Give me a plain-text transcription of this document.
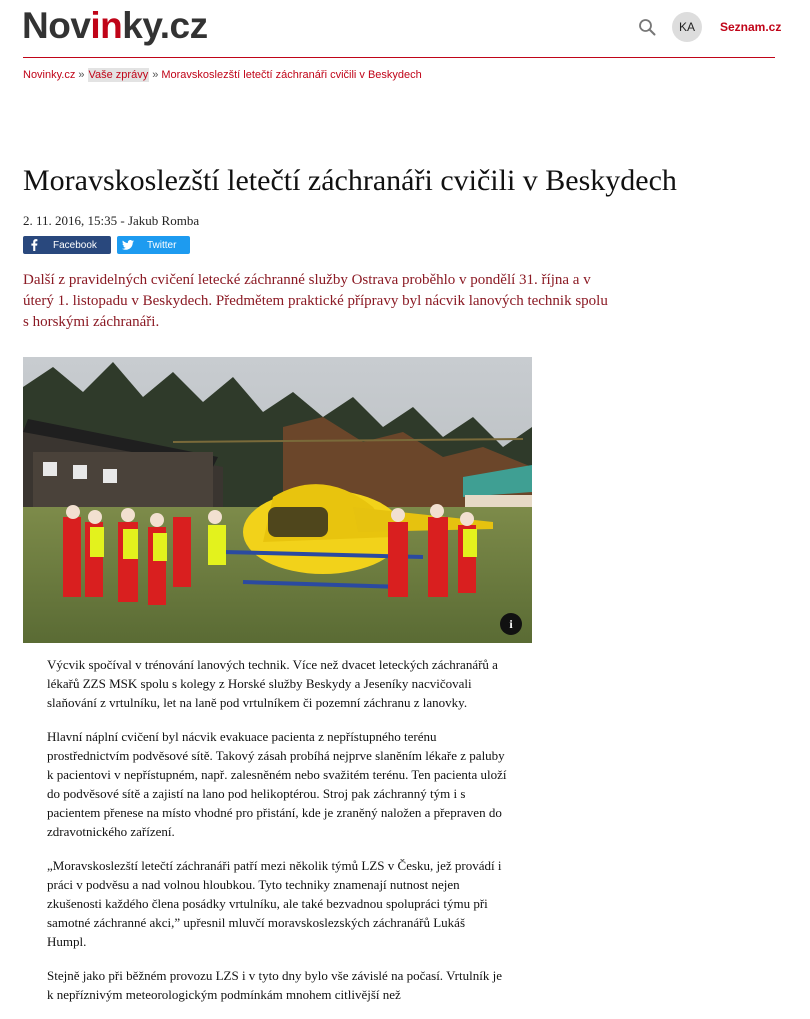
Novinky.cz	KA	Seznam.cz
Novinky.cz » Vaše zprávy » Moravskoslezští letečtí záchranáři cvičili v Beskydech
Moravskoslezští letečtí záchranáři cvičili v Beskydech
2. 11. 2016, 15:35 - Jakub Romba
Facebook	Twitter

Další z pravidelných cvičení letecké záchranné služby Ostrava proběhlo v pondělí 31. října a v úterý 1. listopadu v Beskydech. Předmětem praktické přípravy byl nácvik lanových technik spolu s horskými záchranáři.

i

Výcvik spočíval v trénování lanových technik. Více než dvacet leteckých záchranářů a lékařů ZZS MSK spolu s kolegy z Horské služby Beskydy a Jeseníky nacvičovali slaňování z vrtulníku, let na laně pod vrtulníkem či pozemní záchranu z lanovky.

Hlavní náplní cvičení byl nácvik evakuace pacienta z nepřístupného terénu prostřednictvím podvěsové sítě. Takový zásah probíhá nejprve slaněním lékaře z paluby k pacientovi v nepřístupném, např. zalesněném nebo svažitém terénu. Ten pacienta uloží do podvěsové sítě a zajistí na lano pod helikoptérou. Stroj pak záchranný tým i s pacientem přenese na místo vhodné pro přistání, kde je zraněný naložen a přepraven do zdravotnického zařízení.

„Moravskoslezští letečtí záchranáři patří mezi několik týmů LZS v Česku, jež provádí i práci v podvěsu a nad volnou hloubkou. Tyto techniky znamenají nutnost nejen zkušenosti každého člena posádky vrtulníku, ale také bezvadnou spolupráci týmu při samotné záchranné akci,” upřesnil mluvčí moravskoslezských záchranářů Lukáš Humpl.

Stejně jako při běžném provozu LZS i v tyto dny bylo vše závislé na počasí. Vrtulník je k nepříznivým meteorologickým podmínkám mnohem citlivější než
